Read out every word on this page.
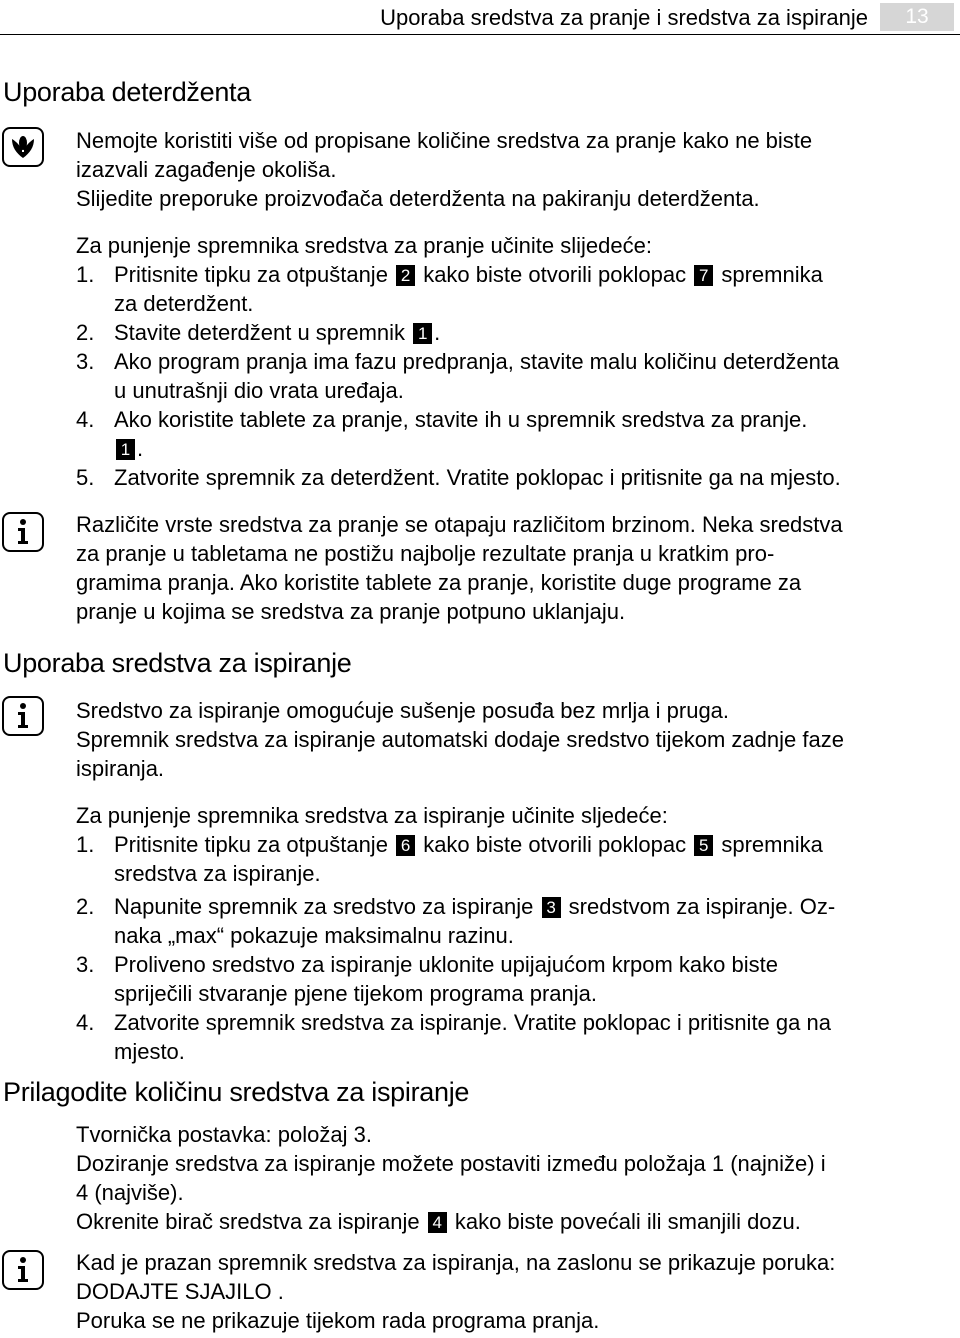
Uporaba sredstva za pranje i sredstva za ispiranje	13
Uporaba deterdženta

Nemojte koristiti više od propisane količine sredstva za pranje kako ne biste

izazvali zagađenje okoliša.

Slijedite preporuke proizvođača deterdženta na pakiranju deterdženta.

Za punjenje spremnika sredstva za pranje učinite slijedeće:

1. Pritisnite tipku za otpuštanje 2 kako biste otvorili poklopac 7 spremnika
za deterdžent.
2. Stavite deterdžent u spremnik 1 .
3. Ako program pranja ima fazu predpranja, stavite malu količinu deterdženta
u unutrašnji dio vrata uređaja.
4. Ako koristite tablete za pranje, stavite ih u spremnik sredstva za pranje.
1 .
5. Zatvorite spremnik za deterdžent. Vratite poklopac i pritisnite ga na mjesto.

Različite vrste sredstva za pranje se otapaju različitom brzinom. Neka sredstva

za pranje u tabletama ne postižu najbolje rezultate pranja u kratkim pro-

gramima pranja. Ako koristite tablete za pranje, koristite duge programe za

pranje u kojima se sredstva za pranje potpuno uklanjaju.

Uporaba sredstva za ispiranje

Sredstvo za ispiranje omogućuje sušenje posuđa bez mrlja i pruga.

Spremnik sredstva za ispiranje automatski dodaje sredstvo tijekom zadnje faze

ispiranja.

Za punjenje spremnika sredstva za ispiranje učinite sljedeće:

1. Pritisnite tipku za otpuštanje 6 kako biste otvorili poklopac 5 spremnika
sredstva za ispiranje.
2. Napunite spremnik za sredstvo za ispiranje 3 sredstvom za ispiranje. Oz-
naka „max“ pokazuje maksimalnu razinu.
3. Proliveno sredstvo za ispiranje uklonite upijajućom krpom kako biste
spriječili stvaranje pjene tijekom programa pranja.
4. Zatvorite spremnik sredstva za ispiranje. Vratite poklopac i pritisnite ga na
mjesto.
Prilagodite količinu sredstva za ispiranje

Tvornička postavka: položaj 3.

Doziranje sredstva za ispiranje možete postaviti između položaja 1 (najniže) i

4 (najviše).

Okrenite birač sredstva za ispiranje 4 kako biste povećali ili smanjili dozu.

Kad je prazan spremnik sredstva za ispiranja, na zaslonu se prikazuje poruka:

DODAJTE SJAJILO .

Poruka se ne prikazuje tijekom rada programa pranja.
